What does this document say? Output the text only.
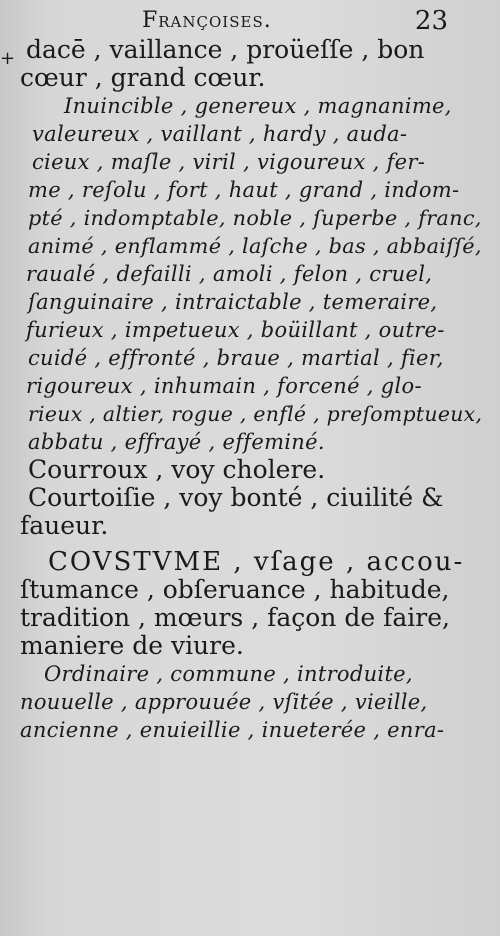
Françoises.	23
+ dacē , vaillance , proüeſſe , bon
cœur , grand cœur.
Inuincible , genereux , magnanime,
valeureux , vaillant , hardy , auda-
cieux , maſle , viril , vigoureux , fer-
me , reſolu , fort , haut , grand , indom-
pté , indomptable, noble , ſuperbe , franc,
animé , enflammé , laſche , bas , abbaiſſé,
raualé , defailli , amoli , felon , cruel,
ſanguinaire , intraictable , temeraire,
furieux , impetueux , boüillant , outre-
cuidé , effronté , braue , martial , fier,
rigoureux , inhumain , forcené , glo-
rieux , altier, rogue , enflé , preſomptueux,
abbatu , effrayé , effeminé.
Courroux , voy cholere.
Courtoiſie , voy bonté , ciuilité &
faueur.
COVSTVME , vſage , accou-
ſtumance , obſeruance , habitude,
tradition , mœurs , façon de faire,
maniere de viure.
Ordinaire , commune , introduite,
nouuelle , approuuée , vſitée , vieille,
ancienne , enuieillie , inueterée , enra-
